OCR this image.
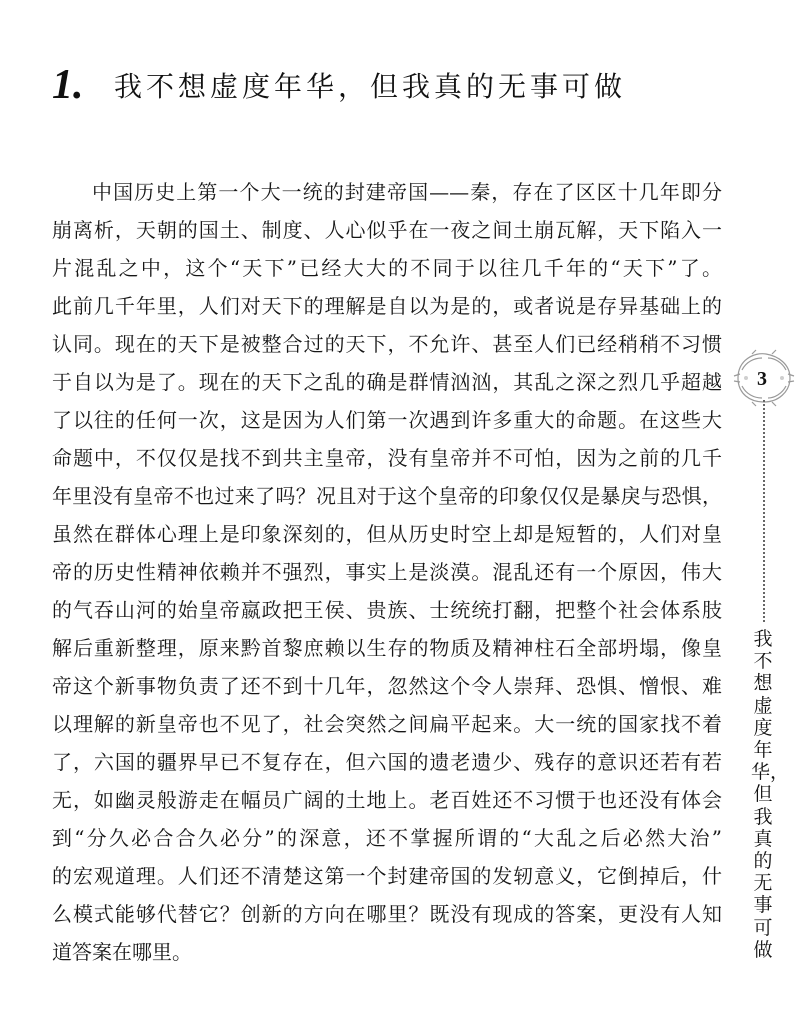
1. 我不想虚度年华，但我真的无事可做
中国历史上第一个大一统的封建帝国——秦，存在了区区十几年即分
崩离析，天朝的国土、制度、人心似乎在一夜之间土崩瓦解，天下陷入一
片混乱之中，这个“天下”已经大大的不同于以往几千年的“天下”了。
此前几千年里，人们对天下的理解是自以为是的，或者说是存异基础上的
认同。现在的天下是被整合过的天下，不允许、甚至人们已经稍稍不习惯
于自以为是了。现在的天下之乱的确是群情汹汹，其乱之深之烈几乎超越
了以往的任何一次，这是因为人们第一次遇到许多重大的命题。在这些大
命题中，不仅仅是找不到共主皇帝，没有皇帝并不可怕，因为之前的几千
年里没有皇帝不也过来了吗？况且对于这个皇帝的印象仅仅是暴戾与恐惧，
虽然在群体心理上是印象深刻的，但从历史时空上却是短暂的，人们对皇
帝的历史性精神依赖并不强烈，事实上是淡漠。混乱还有一个原因，伟大
的气吞山河的始皇帝嬴政把王侯、贵族、士统统打翻，把整个社会体系肢
解后重新整理，原来黔首黎庶赖以生存的物质及精神柱石全部坍塌，像皇
帝这个新事物负责了还不到十几年，忽然这个令人崇拜、恐惧、憎恨、难
以理解的新皇帝也不见了，社会突然之间扁平起来。大一统的国家找不着
了，六国的疆界早已不复存在，但六国的遗老遗少、残存的意识还若有若
无，如幽灵般游走在幅员广阔的土地上。老百姓还不习惯于也还没有体会
到“分久必合合久必分”的深意，还不掌握所谓的“大乱之后必然大治”
的宏观道理。人们还不清楚这第一个封建帝国的发轫意义，它倒掉后，什
么模式能够代替它？创新的方向在哪里？既没有现成的答案，更没有人知
道答案在哪里。
3
我不想虚度年华，但我真的无事可做
